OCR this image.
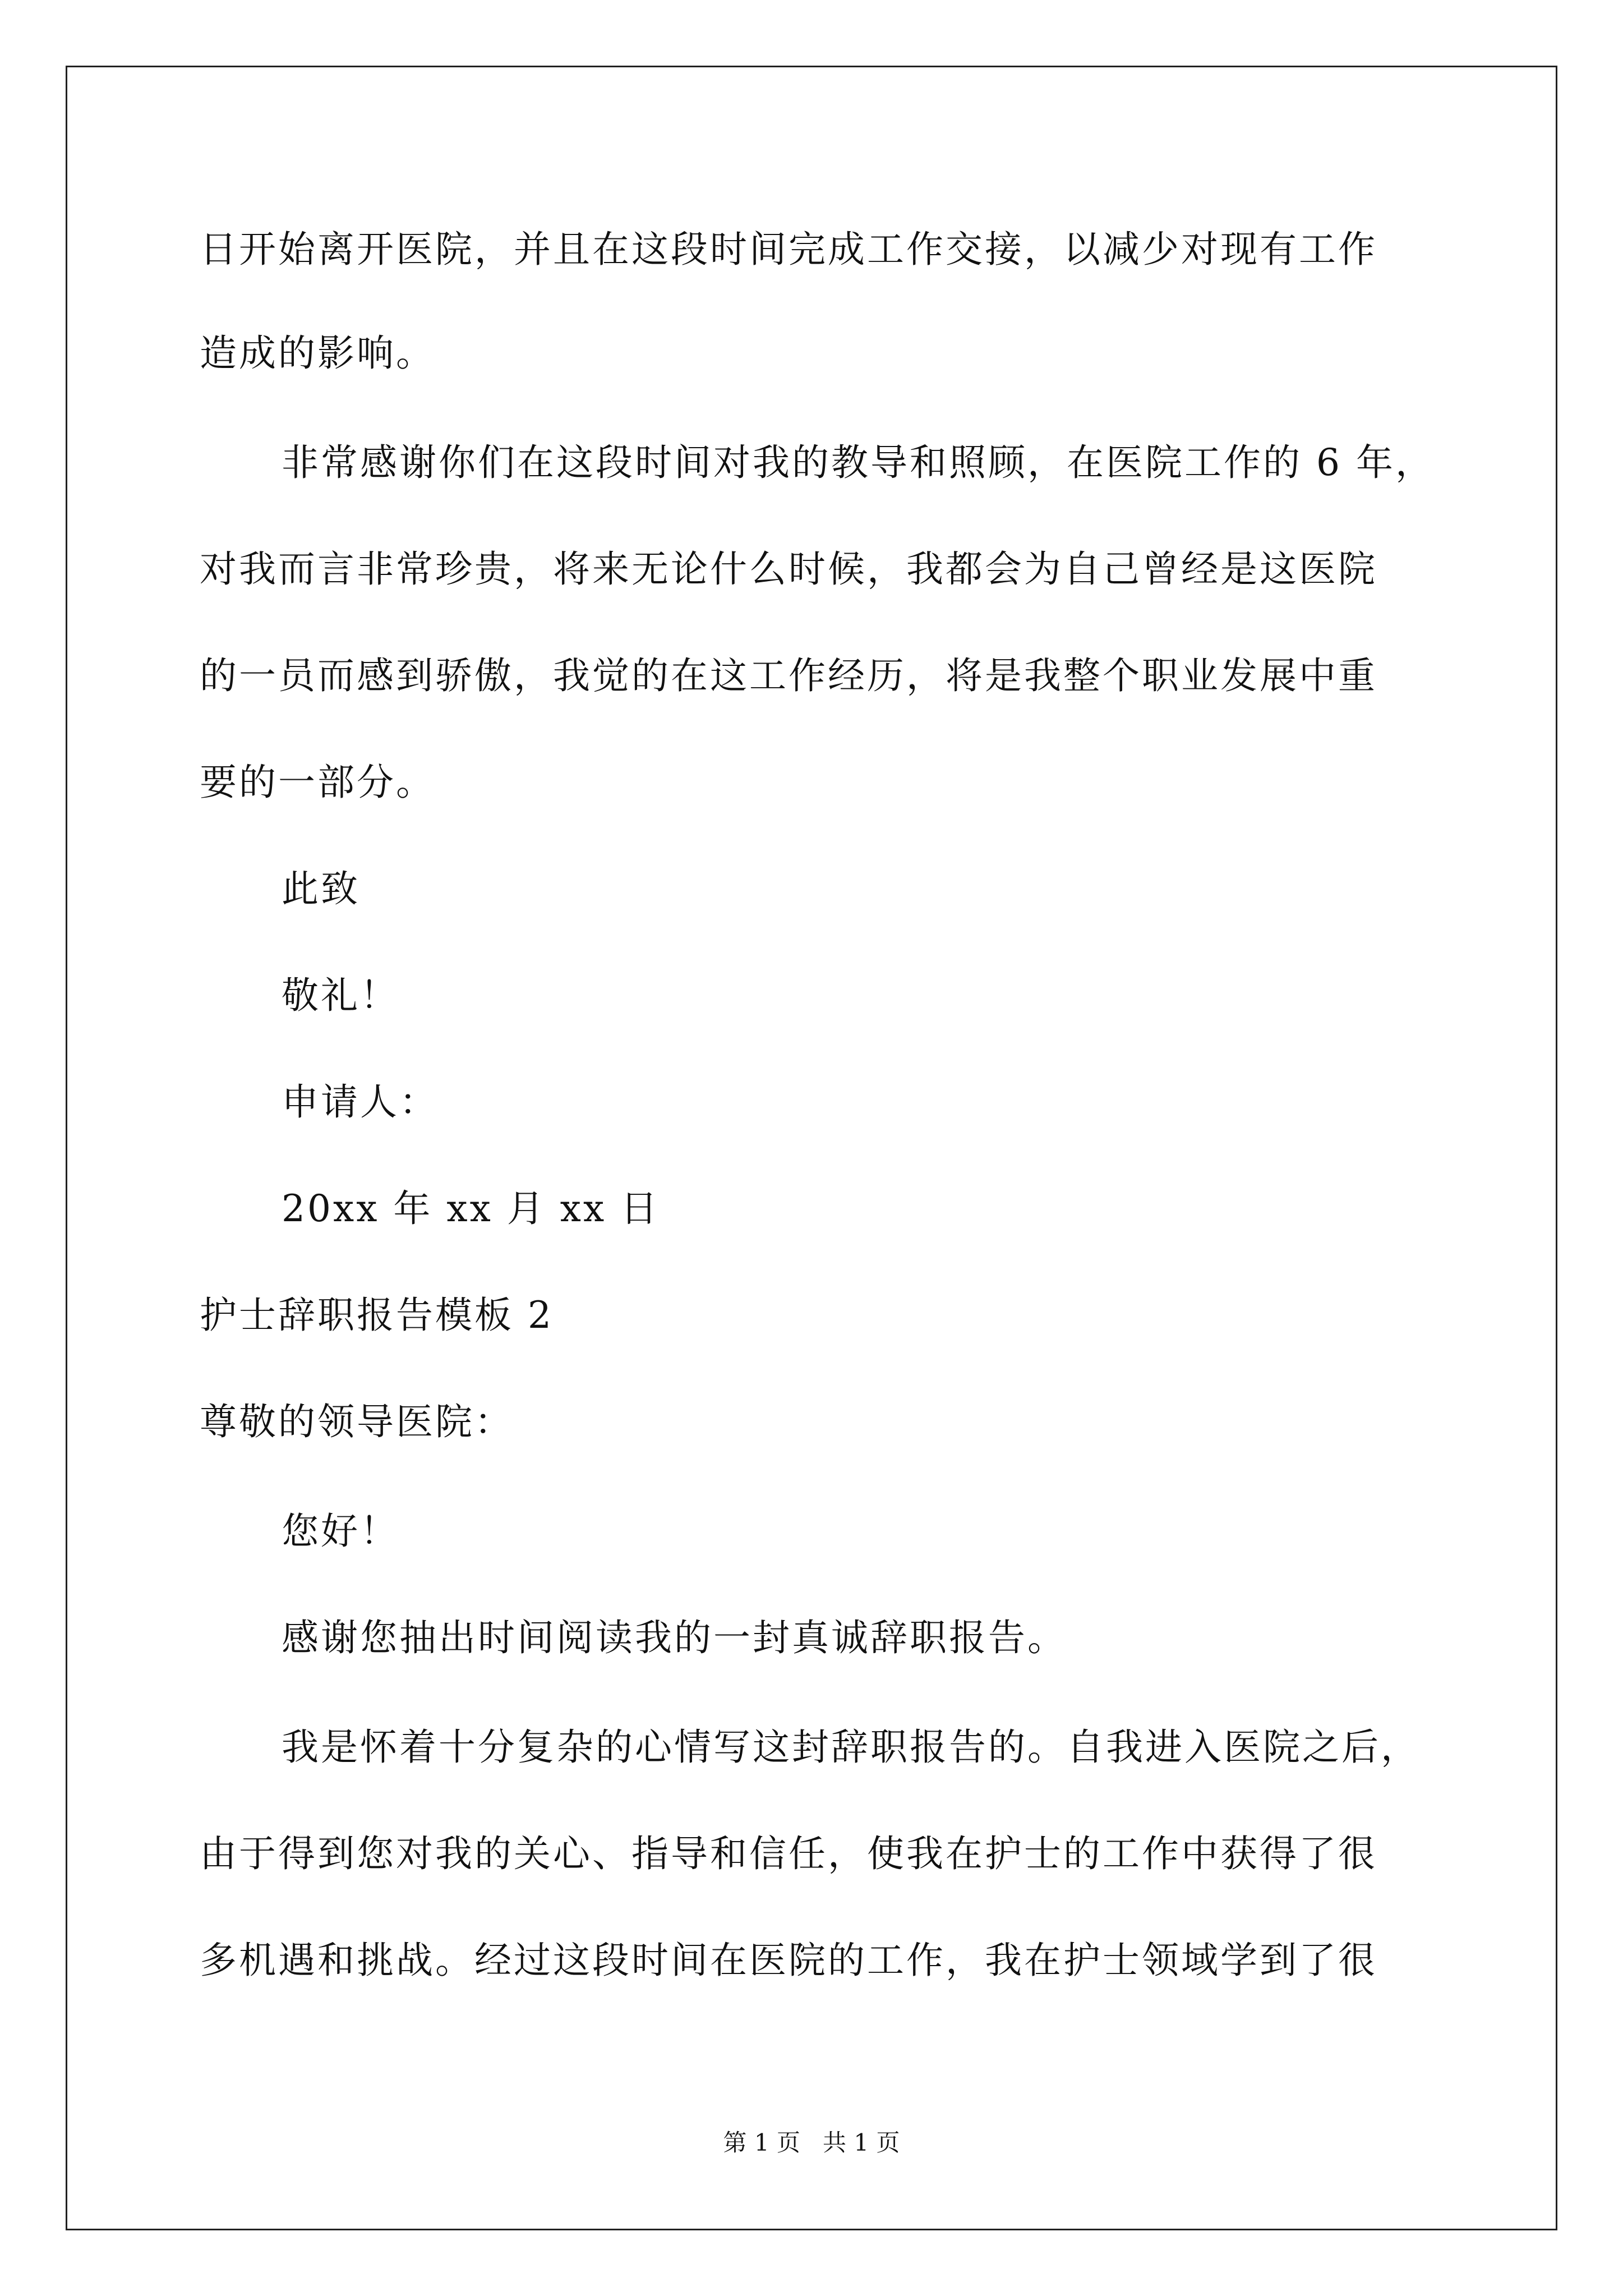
日开始离开医院，并且在这段时间完成工作交接，以减少对现有工作
造成的影响。
非常感谢你们在这段时间对我的教导和照顾，在医院工作的 6 年，
对我而言非常珍贵，将来无论什么时候，我都会为自己曾经是这医院
的一员而感到骄傲，我觉的在这工作经历，将是我整个职业发展中重
要的一部分。
此致
敬礼！
申请人：
20xx 年 xx 月 xx 日
护士辞职报告模板 2
尊敬的领导医院：
您好！
感谢您抽出时间阅读我的一封真诚辞职报告。
我是怀着十分复杂的心情写这封辞职报告的。自我进入医院之后，
由于得到您对我的关心、指导和信任，使我在护士的工作中获得了很
多机遇和挑战。经过这段时间在医院的工作，我在护士领域学到了很
第 1 页   共 1 页
